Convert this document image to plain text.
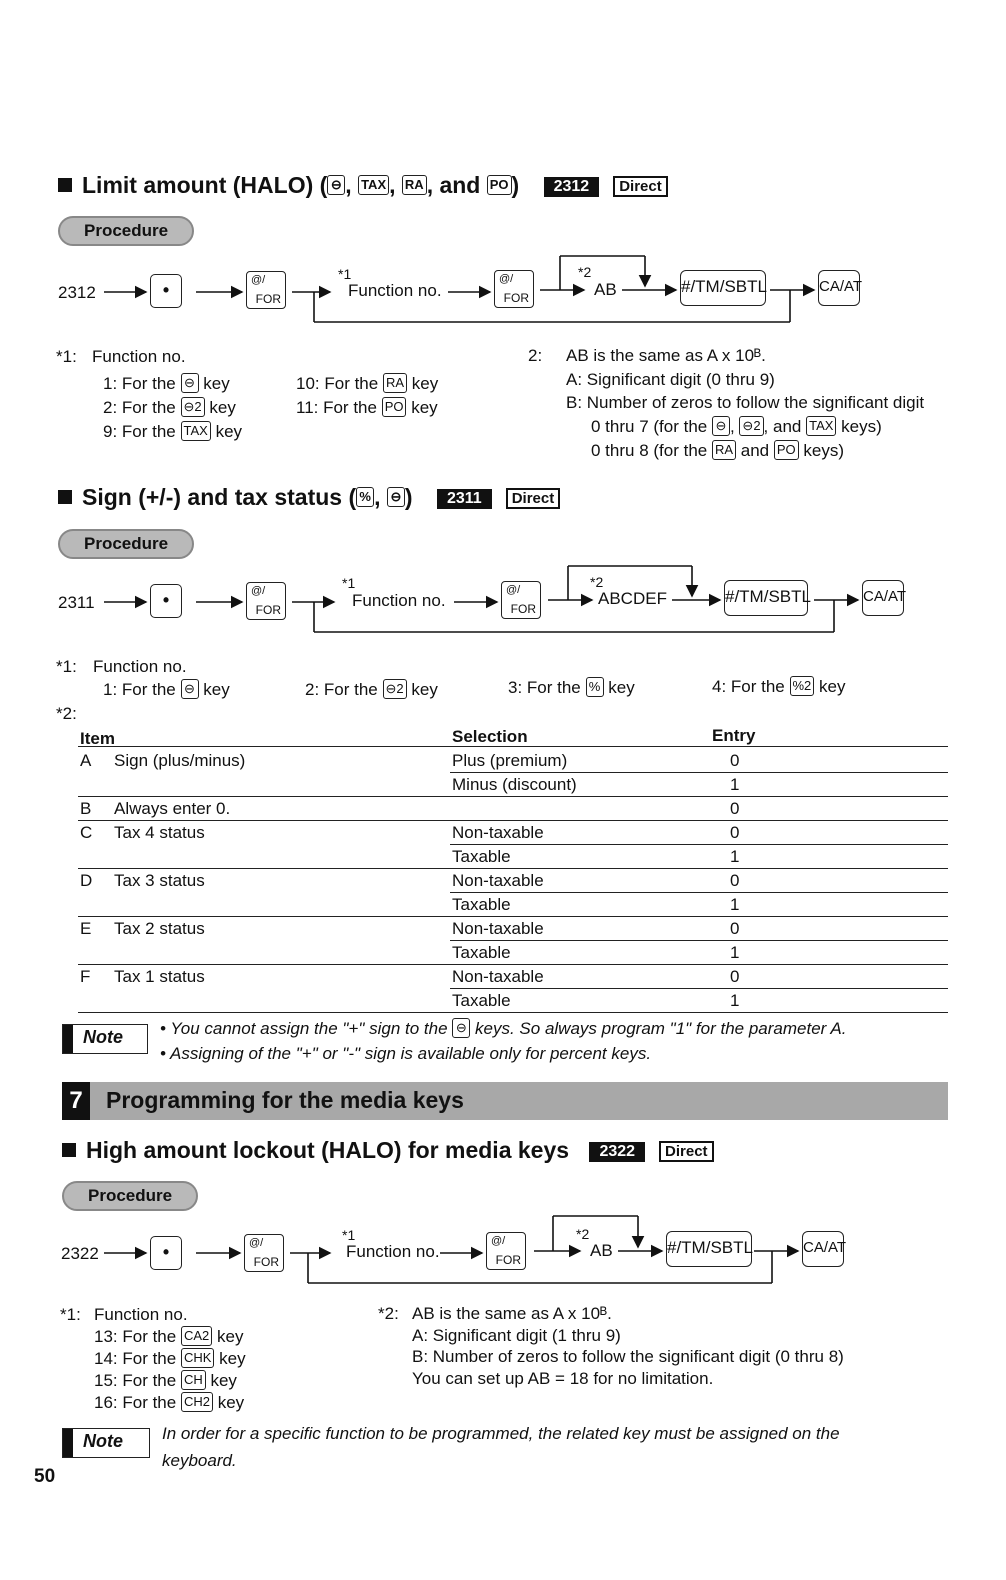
Limit amount (HALO) ( ⊖ , TAX , RA , and PO ) 2312 Direct
Procedure
2312	•	@/
FOR
*1
Function no.
@/
FOR
*2
AB	#/TM/SBTL	CA/AT
*1: Function no.
1: For the ⊖ key
2: For the ⊖2 key
9: For the TAX key
10: For the RA key
11: For the PO key
2: AB is the same as A x 10ᴮ.
A: Significant digit (0 thru 9)
B: Number of zeros to follow the significant digit
0 thru 7 (for the ⊖ , ⊖2 , and TAX keys)
0 thru 8 (for the RA and PO keys)
Sign (+/-) and tax status ( % , ⊖ ) 2311 Direct
Procedure
2311	•	@/
FOR
*1
Function no.
@/
FOR
*2
ABCDEF	#/TM/SBTL	CA/AT
*1: Function no.
1: For the ⊖ key	2: For the ⊖2 key	3: For the % key	4: For the %2 key
*2:
Item	Selection	Entry
A Sign (plus/minus)	Plus (premium)	0
Minus (discount)	1
B Always enter 0.	0
C Tax 4 status	Non-taxable	0
Taxable	1
D Tax 3 status	Non-taxable	0
Taxable	1
E Tax 2 status	Non-taxable	0
Taxable	1
F Tax 1 status	Non-taxable	0
Taxable	1
Note • You cannot assign the "+" sign to the ⊖ keys. So always program "1" for the parameter A.
• Assigning of the "+" or "-" sign is available only for percent keys.
7	Programming for the media keys
High amount lockout (HALO) for media keys 2322 Direct
Procedure
2322	•	@/
FOR
*1
Function no.
@/
FOR
*2
AB	#/TM/SBTL	CA/AT
*1: Function no.
13: For the CA2 key
14: For the CHK key
15: For the CH key
16: For the CH2 key
*2: AB is the same as A x 10ᴮ.
A: Significant digit (1 thru 9)
B: Number of zeros to follow the significant digit (0 thru 8)
You can set up AB = 18 for no limitation.
Note In order for a specific function to be programmed, the related key must be assigned on the
keyboard.
50
